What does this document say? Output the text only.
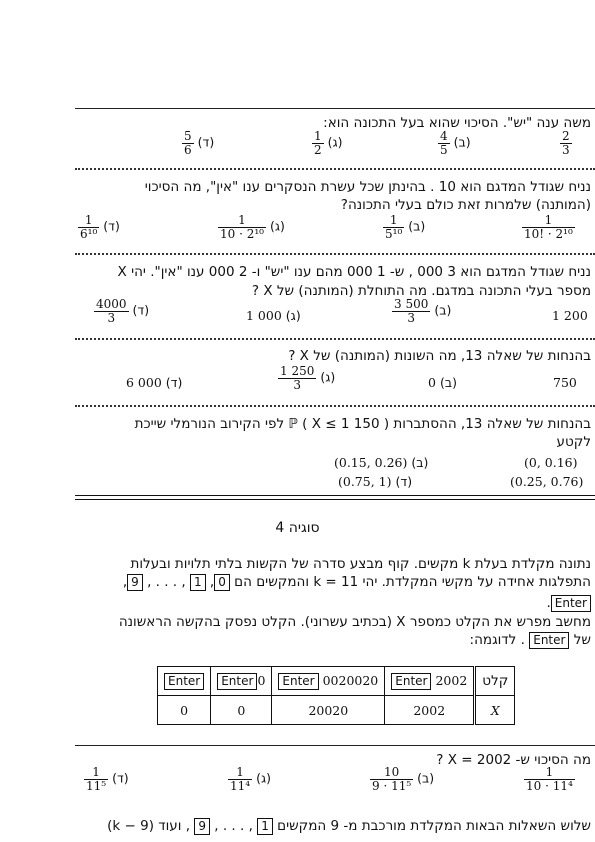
משה ענה "יש". הסיכוי שהוא בעל התכונה הוא:
$\frac{2}{3}$
$\frac{4}{5}$ (ב)
$\frac{1}{2}$ (ג)
$\frac{5}{6}$ (ד)
נניח שגודל המדגם הוא 10 . בהינתן שכל עשרת הנסקרים ענו "אין", מה הסיכוי
(המותנה) שלמרות זאת כולם בעלי התכונה?
$\frac{1}{\text{10! · 2¹⁰}}$
$\frac{1}{\text{5¹⁰}}$ (ב)
$\frac{1}{\text{10 · 2¹⁰}}$ (ג)
$\frac{1}{\text{6¹⁰}}$ (ד)
נניח שגודל המדגם הוא 3 000 , ש- 1 000 מהם ענו "יש" ו- 2 000 ענו "אין". יהי X
מספר בעלי התכונה במדגם. מה התוחלת (המותנה) של X ?
1 200
$\frac{3 500}{3}$ (ב)
1 000 (ג)
$\frac{4000}{3}$ (ד)
בהנחות של שאלה 13, מה השונות (המותנה) של X ?
750
0 (ב)
$\frac{1 250}{3}$ (ג)
6 000 (ד)
בהנחות של שאלה 13, ההסתברות ℙ ( X ≤ 1 150 ) לפי הקירוב הנורמלי שייכת
לקטע
(0, 0.16)
(0.15, 0.26) (ב)
(0.25, 0.76)
(0.75, 1) (ד)
סוגיה 4
נתונה מקלדת בעלת k מקשים. קוף מבצע סדרה של הקשות בלתי תלויות ובעלות
התפלגות אחידה על מקשי המקלדת. יהי k = 11 והמקשים הם 0, 1 , . . . , 9,
Enter.
מחשב מפרש את הקלט כמספר X (בכתיב עשרוני). הקלט נפסק בהקשה הראשונה
של Enter . לדוגמה:
קלט	2002 Enter	0020020 Enter	0Enter	Enter
X	2002	20020	0	0
מה הסיכוי ש- X = 2002 ?
$\frac{1}{\text{10 · 11⁴}}$
$\frac{10}{\text{9 · 11⁵}}$ (ב)
$\frac{1}{\text{11⁴}}$ (ג)
$\frac{1}{\text{11⁵}}$ (ד)
שלוש השאלות הבאות המקלדת מורכבת מ- 9 המקשים 1 , . . . , 9 , ועוד (k − 9)
